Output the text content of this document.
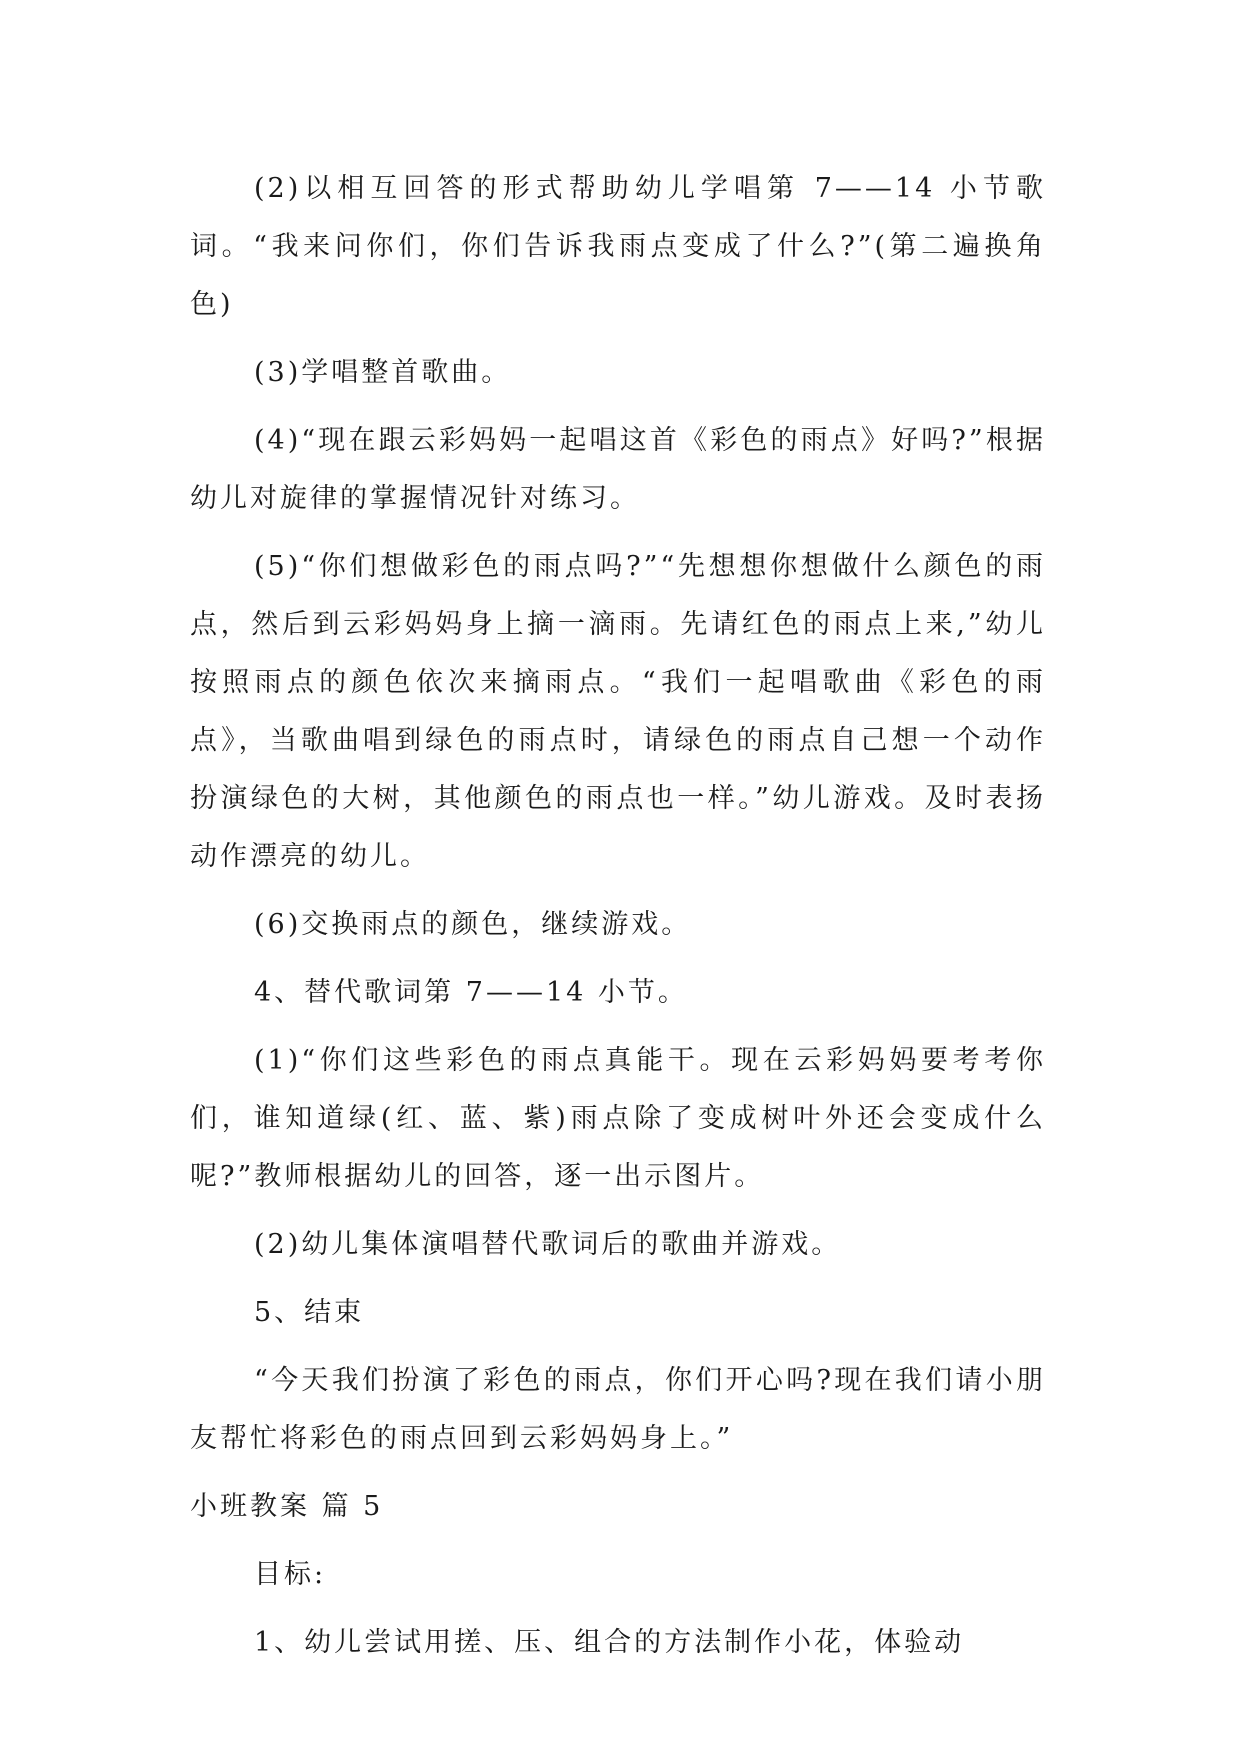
(2)以相互回答的形式帮助幼儿学唱第 7——14 小节歌词。“我来问你们，你们告诉我雨点变成了什么?”(第二遍换角色)

(3)学唱整首歌曲。

(4)“现在跟云彩妈妈一起唱这首《彩色的雨点》好吗?”根据幼儿对旋律的掌握情况针对练习。

(5)“你们想做彩色的雨点吗?”“先想想你想做什么颜色的雨点，然后到云彩妈妈身上摘一滴雨。先请红色的雨点上来,”幼儿按照雨点的颜色依次来摘雨点。“我们一起唱歌曲《彩色的雨点》，当歌曲唱到绿色的雨点时，请绿色的雨点自己想一个动作扮演绿色的大树，其他颜色的雨点也一样。”幼儿游戏。及时表扬动作漂亮的幼儿。

(6)交换雨点的颜色，继续游戏。

4、替代歌词第 7——14 小节。

(1)“你们这些彩色的雨点真能干。现在云彩妈妈要考考你们，谁知道绿(红、蓝、紫)雨点除了变成树叶外还会变成什么呢?”教师根据幼儿的回答，逐一出示图片。

(2)幼儿集体演唱替代歌词后的歌曲并游戏。

5、结束

“今天我们扮演了彩色的雨点，你们开心吗?现在我们请小朋友帮忙将彩色的雨点回到云彩妈妈身上。”

小班教案 篇 5

目标:

1、幼儿尝试用搓、压、组合的方法制作小花，体验动
